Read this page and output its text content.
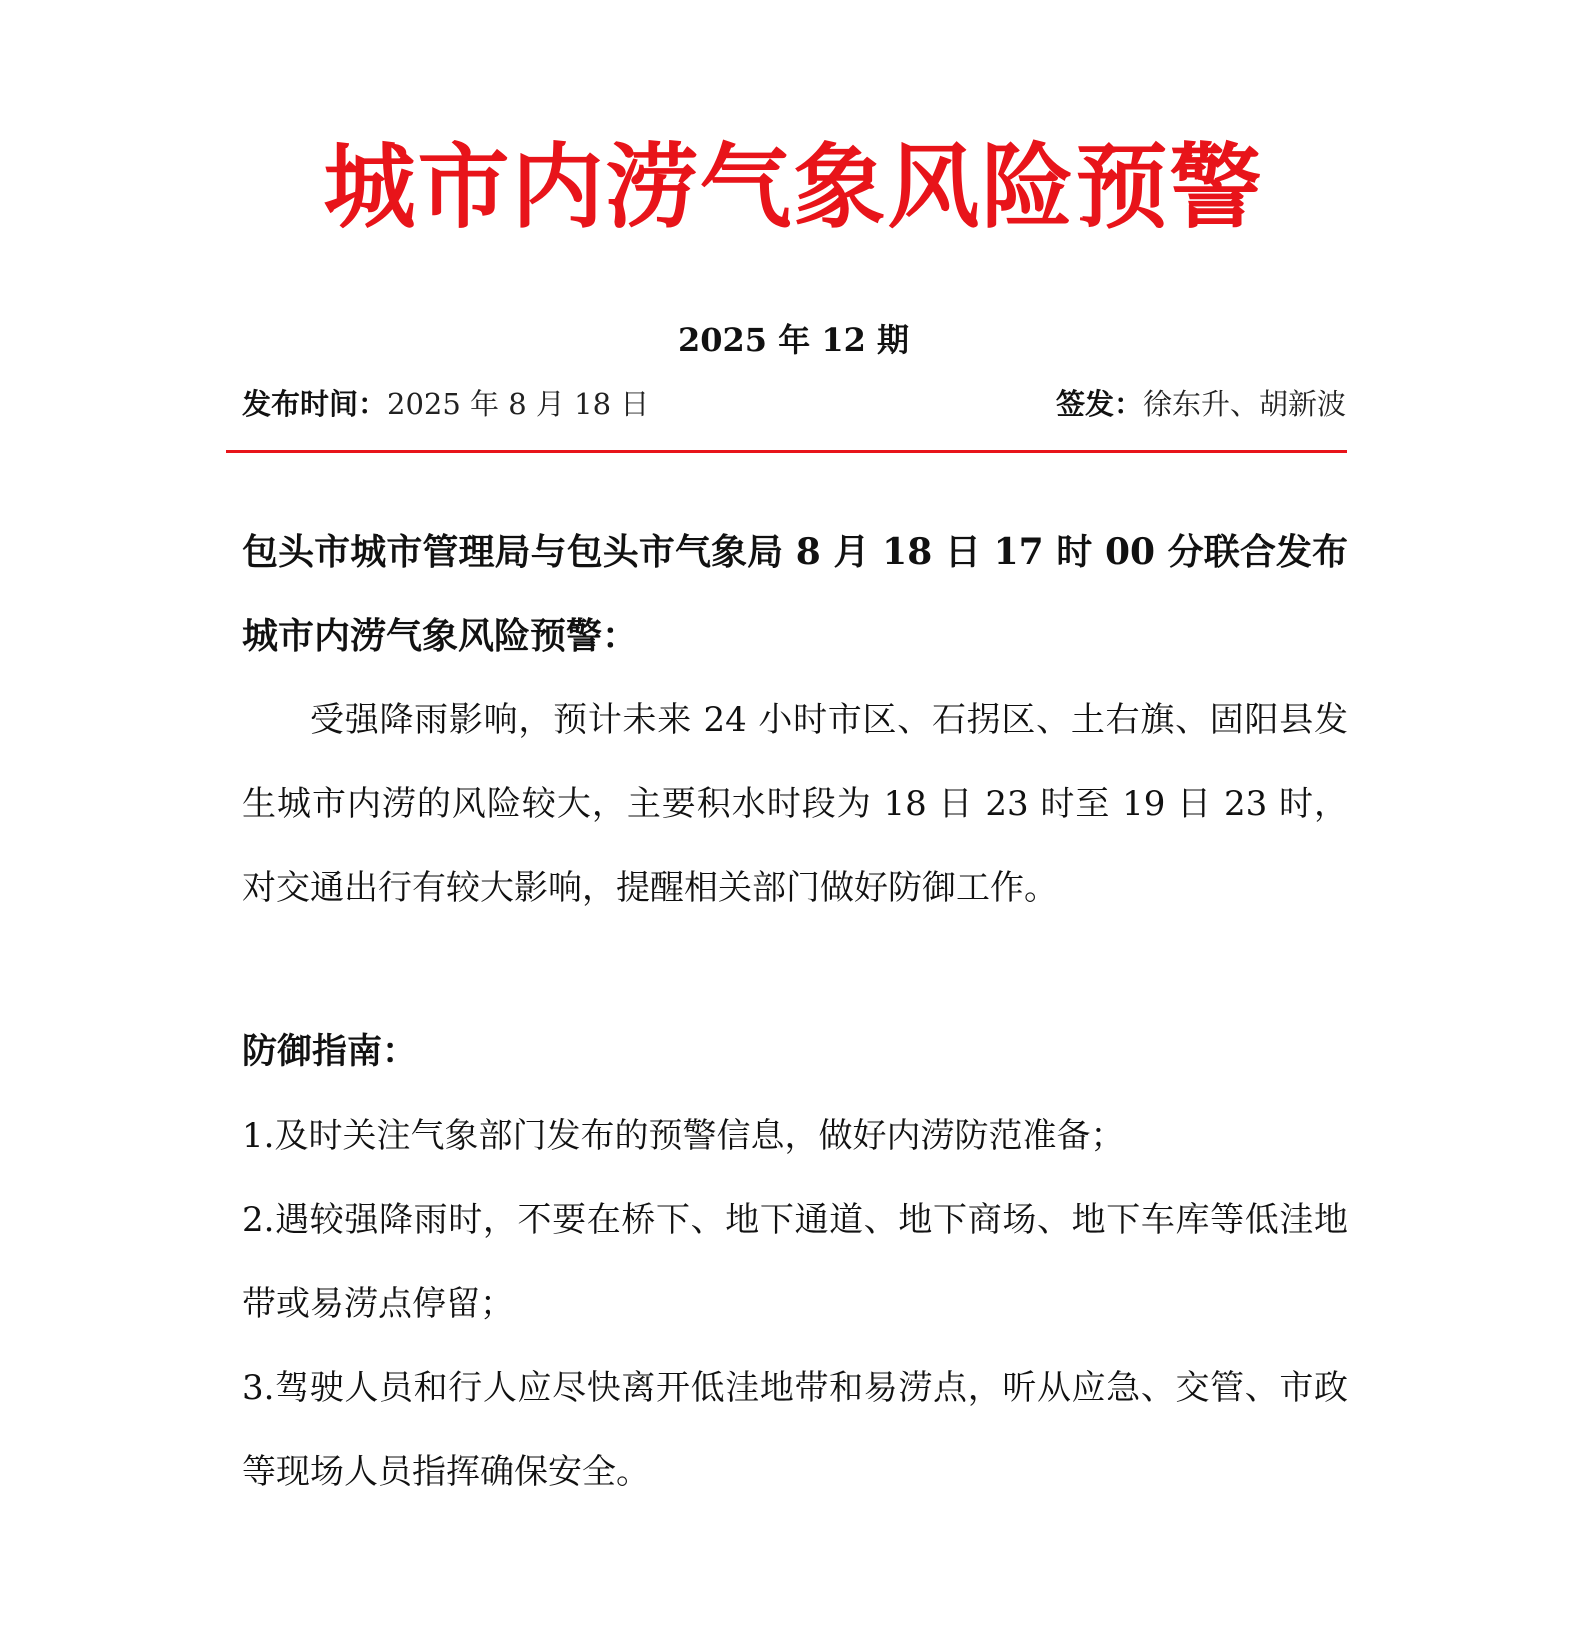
城市内涝气象风险预警
2025 年 12 期
发布时间：2025 年 8 月 18 日	签发：徐东升、胡新波
包头市城市管理局与包头市气象局 8 月 18 日 17 时 00 分联合发布城市内涝气象风险预警：
受强降雨影响，预计未来 24 小时市区、石拐区、土右旗、固阳县发生城市内涝的风险较大，主要积水时段为 18 日 23 时至 19 日 23 时，对交通出行有较大影响，提醒相关部门做好防御工作。
防御指南：
1.及时关注气象部门发布的预警信息，做好内涝防范准备；
2.遇较强降雨时，不要在桥下、地下通道、地下商场、地下车库等低洼地带或易涝点停留；
3.驾驶人员和行人应尽快离开低洼地带和易涝点，听从应急、交管、市政等现场人员指挥确保安全。
